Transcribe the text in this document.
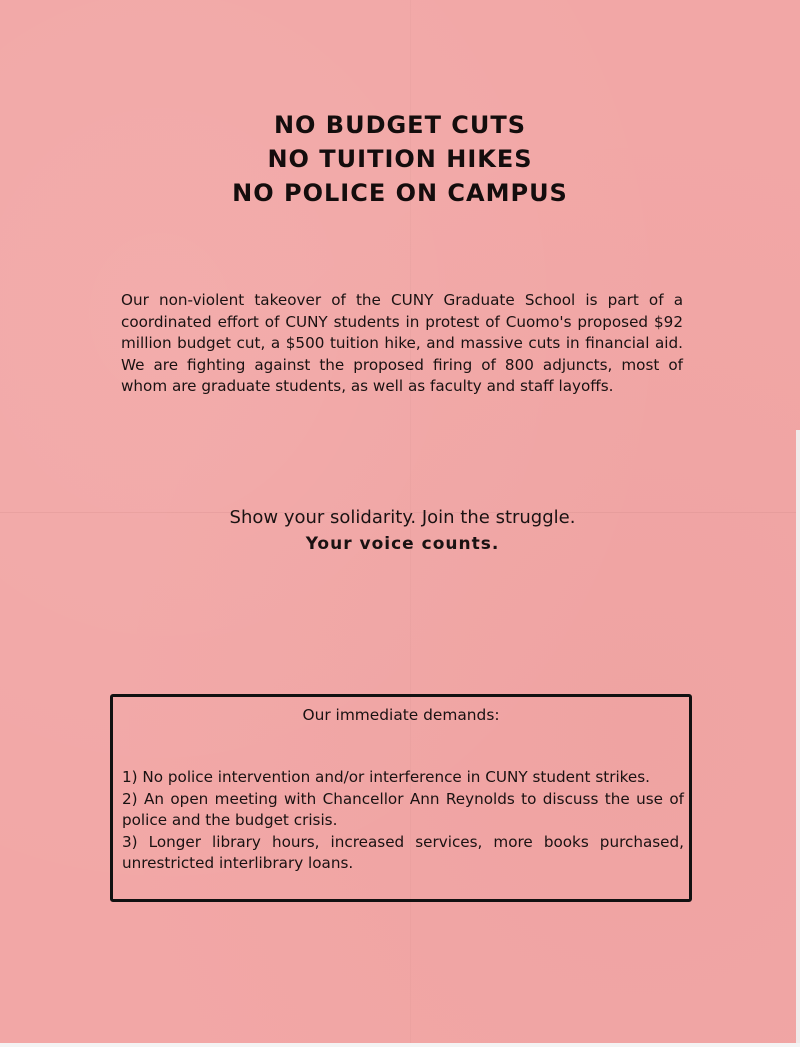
NO BUDGET CUTS
NO TUITION HIKES
NO POLICE ON CAMPUS
Our non-violent takeover of the CUNY Graduate School is part of a coordinated effort of CUNY students in protest of Cuomo's proposed $92 million budget cut, a $500 tuition hike, and massive cuts in financial aid. We are fighting against the proposed firing of 800 adjuncts, most of whom are graduate students, as well as faculty and staff layoffs.
Show your solidarity. Join the struggle.
Your voice counts.
Our immediate demands:

1) No police intervention and/or interference in CUNY student strikes.

2) An open meeting with Chancellor Ann Reynolds to discuss the use of police and the budget crisis.

3) Longer library hours, increased services, more books purchased, unrestricted interlibrary loans.
